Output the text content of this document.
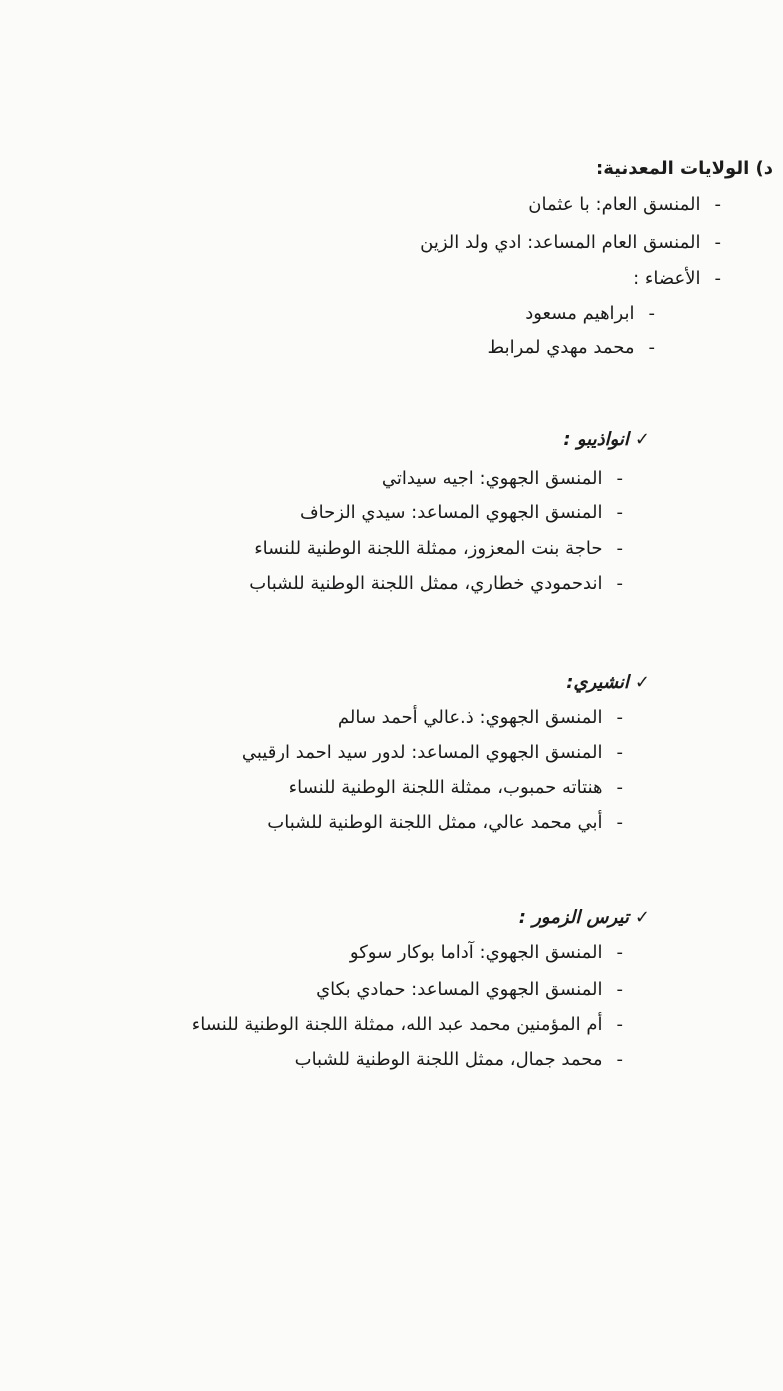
د) الولايات المعدنية:
-المنسق العام: با عثمان
-المنسق العام المساعد: ادي ولد الزين
-الأعضاء :
-ابراهيم مسعود
-محمد مهدي لمرابط
✓انواذيبو :
-المنسق الجهوي: اجيه سيداتي
-المنسق الجهوي المساعد: سيدي الزحاف
-حاجة بنت المعزوز، ممثلة اللجنة الوطنية للنساء
-اندحمودي خطاري، ممثل اللجنة الوطنية للشباب
✓انشيري:
-المنسق الجهوي: ذ.عالي أحمد سالم
-المنسق الجهوي المساعد: لدور سيد احمد ارقيبي
-هنتاته حمبوب، ممثلة اللجنة الوطنية للنساء
-أبي محمد عالي، ممثل اللجنة الوطنية للشباب
✓تيرس الزمور :
-المنسق الجهوي: آداما بوكار سوكو
-المنسق الجهوي المساعد: حمادي بكاي
-أم المؤمنين محمد عبد الله، ممثلة اللجنة الوطنية للنساء
-محمد جمال، ممثل اللجنة الوطنية للشباب
